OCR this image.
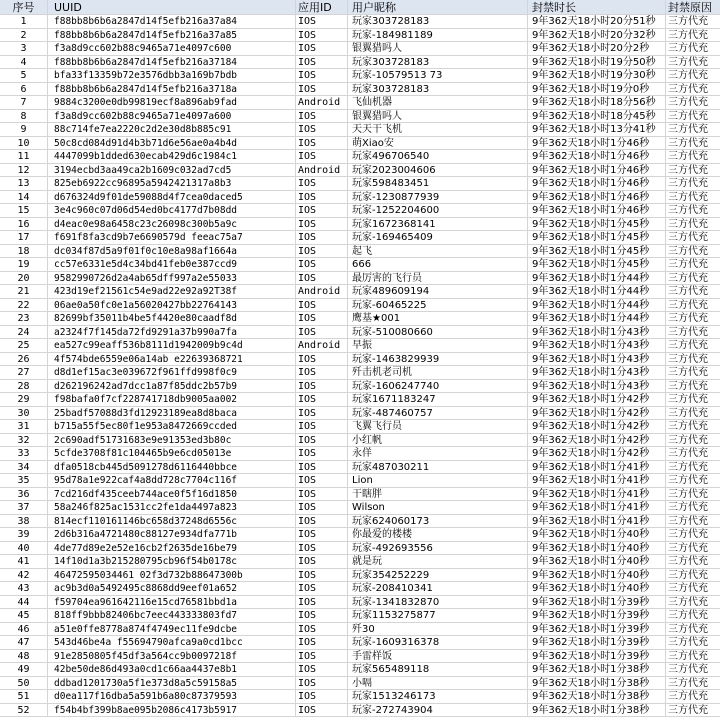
序号	UUID	应用ID	用户昵称	封禁时长	封禁原因
1	f88bb8b6b6a2847d14f5efb216a37a84	IOS	玩家303728183	9年362天18小时20分51秒	三方代充
2	f88bb8b6b6a2847d14f5efb216a37a85	IOS	玩家-184981189	9年362天18小时20分32秒	三方代充
3	f3a8d9cc602b88c9465a71e4097c600	IOS	银翼猎吗人	9年362天18小时20分2秒	三方代充
4	f88bb8b6b6a2847d14f5efb216a37184	IOS	玩家303728183	9年362天18小时19分50秒	三方代充
5	bfa33f13359b72e3576dbb3a169b7bdb	IOS	玩家-10579513 73	9年362天18小时19分30秒	三方代充
6	f88bb8b6b6a2847d14f5efb216a3718a	IOS	玩家303728183	9年362天18小时19分0秒	三方代充
7	9884c3200e0db99819ecf8a896ab9fad	Android	飞仙机器	9年362天18小时18分56秒	三方代充
8	f3a8d9cc602b88c9465a71e4097a600	IOS	银翼猎吗人	9年362天18小时18分45秒	三方代充
9	88c714fe7ea2220c2d2e30d8b885c91	IOS	天天干飞机	9年362天18小时13分41秒	三方代充
10	50c8cd084d91d4b3b71d6e56ae0a4b4d	IOS	萌Xiao安	9年362天18小时1分46秒	三方代充
11	4447099b1dded630ecab429d6c1984c1	IOS	玩家496706540	9年362天18小时1分46秒	三方代充
12	3194ecbd3aa49ca2b1609c032ad7cd5	Android	玩家2023004606	9年362天18小时1分46秒	三方代充
13	825eb6922cc96895a5942421317a8b3	IOS	玩家598483451	9年362天18小时1分46秒	三方代充
14	d676324d9f01de59088d4f7cea0daced5	IOS	玩家-1230877939	9年362天18小时1分46秒	三方代充
15	3e4c960c07d06d54ed0bc4177d7b08dd	IOS	玩家-1252204600	9年362天18小时1分46秒	三方代充
16	d4eac0e98a6458c23c26098c300b5a9c	IOS	玩家1672368141	9年362天18小时1分45秒	三方代充
17	f691f8fa3cd9b7e6690579d feeac75a7	IOS	玩家-169465409	9年362天18小时1分45秒	三方代充
18	dc034f87d5a9f01f0c10e8a98af1664a	IOS	起飞	9年362天18小时1分45秒	三方代充
19	cc57e6331e5d4c34bd41feb0e387ccd9	IOS	666	9年362天18小时1分45秒	三方代充
20	9582990726d2a4ab65dff997a2e55033	IOS	最厉害的飞行员	9年362天18小时1分44秒	三方代充
21	423d19ef21561c54e9ad22e92a92T38f	Android	玩家489609194	9年362天18小时1分44秒	三方代充
22	06ae0a50fc0e1a56020427bb22764143	IOS	玩家-60465225	9年362天18小时1分44秒	三方代充
23	82699bf35011b4be5f4420e80caadf8d	IOS	鹰基★001	9年362天18小时1分44秒	三方代充
24	a2324f7f145da72fd9291a37b990a7fa	IOS	玩家-510080660	9年362天18小时1分43秒	三方代充
25	ea527c99eaff536b8111d1942009b9c4d	Android	早振	9年362天18小时1分43秒	三方代充
26	4f574bde6559e06a14ab e22639368721	IOS	玩家-1463829939	9年362天18小时1分43秒	三方代充
27	d8d1ef15ac3e039672f961ffd998f0c9	IOS	歼击机老司机	9年362天18小时1分43秒	三方代充
28	d262196242ad7dcc1a87f85ddc2b57b9	IOS	玩家-1606247740	9年362天18小时1分43秒	三方代充
29	f98bafa0f7cf228741718db9005aa002	IOS	玩家1671183247	9年362天18小时1分42秒	三方代充
30	25badf57088d3fd12923189ea8d8baca	IOS	玩家-487460757	9年362天18小时1分42秒	三方代充
31	b715a55f5ec80f1e953a8472669ccded	IOS	飞翼飞行员	9年362天18小时1分42秒	三方代充
32	2c690adf51731683e9e91353ed3b80c	IOS	小红帆	9年362天18小时1分42秒	三方代充
33	5cfde3708f81c104465b9e6cd05013e	IOS	永佯	9年362天18小时1分42秒	三方代充
34	dfa0518cb445d5091278d6116440bbce	IOS	玩家487030211	9年362天18小时1分41秒	三方代充
35	95d78a1e922caf4a8dd728c7704c116f	IOS	Lion	9年362天18小时1分41秒	三方代充
36	7cd216df435ceeb744ace0f5f16d1850	IOS	干瞎胖	9年362天18小时1分41秒	三方代充
37	58a246f825ac1531cc2fe1da4497a823	IOS	Wilson	9年362天18小时1分41秒	三方代充
38	814ecf110161146bc658d37248d6556c	IOS	玩家624060173	9年362天18小时1分41秒	三方代充
39	2d6b316a4721480c88127e934dfa771b	IOS	你最爱的楼楼	9年362天18小时1分40秒	三方代充
40	4de77d89e2e52e16cb2f2635de16be79	IOS	玩家-492693556	9年362天18小时1分40秒	三方代充
41	14f10d1a3b215280795cb96f54b0178c	IOS	就是玩	9年362天18小时1分40秒	三方代充
42	46472595034461 02f3d732b88647300b	IOS	玩家354252229	9年362天18小时1分40秒	三方代充
43	ac9b3d0a5492495c8868dd9eef01a652	IOS	玩家-208410341	9年362天18小时1分40秒	三方代充
44	f59704ea961642116e15cd76581bbd1a	IOS	玩家-1341832870	9年362天18小时1分39秒	三方代充
45	818ff9bbb82406bc7eec443333803fd7	IOS	玩家1153275877	9年362天18小时1分39秒	三方代充
46	a51e0ffe8778a874f4749ec11fe9dcbe	IOS	歼30	9年362天18小时1分39秒	三方代充
47	543d46be4a f55694790afca9a0cd1bcc	IOS	玩家-1609316378	9年362天18小时1分39秒	三方代充
48	91e2850805f45df3a564cc9b0097218f	IOS	手雷样饭	9年362天18小时1分39秒	三方代充
49	42be50de86d493a0cd1c66aa4437e8b1	IOS	玩家565489118	9年362天18小时1分38秒	三方代充
50	ddbad1201730a5f1e373d8a5c59158a5	IOS	小嗝	9年362天18小时1分38秒	三方代充
51	d0ea117f16dba5a591b6a80c87379593	IOS	玩家1513246173	9年362天18小时1分38秒	三方代充
52	f54b4bf399b8ae095b2086c4173b5917	IOS	玩家-272743904	9年362天18小时1分38秒	三方代充
